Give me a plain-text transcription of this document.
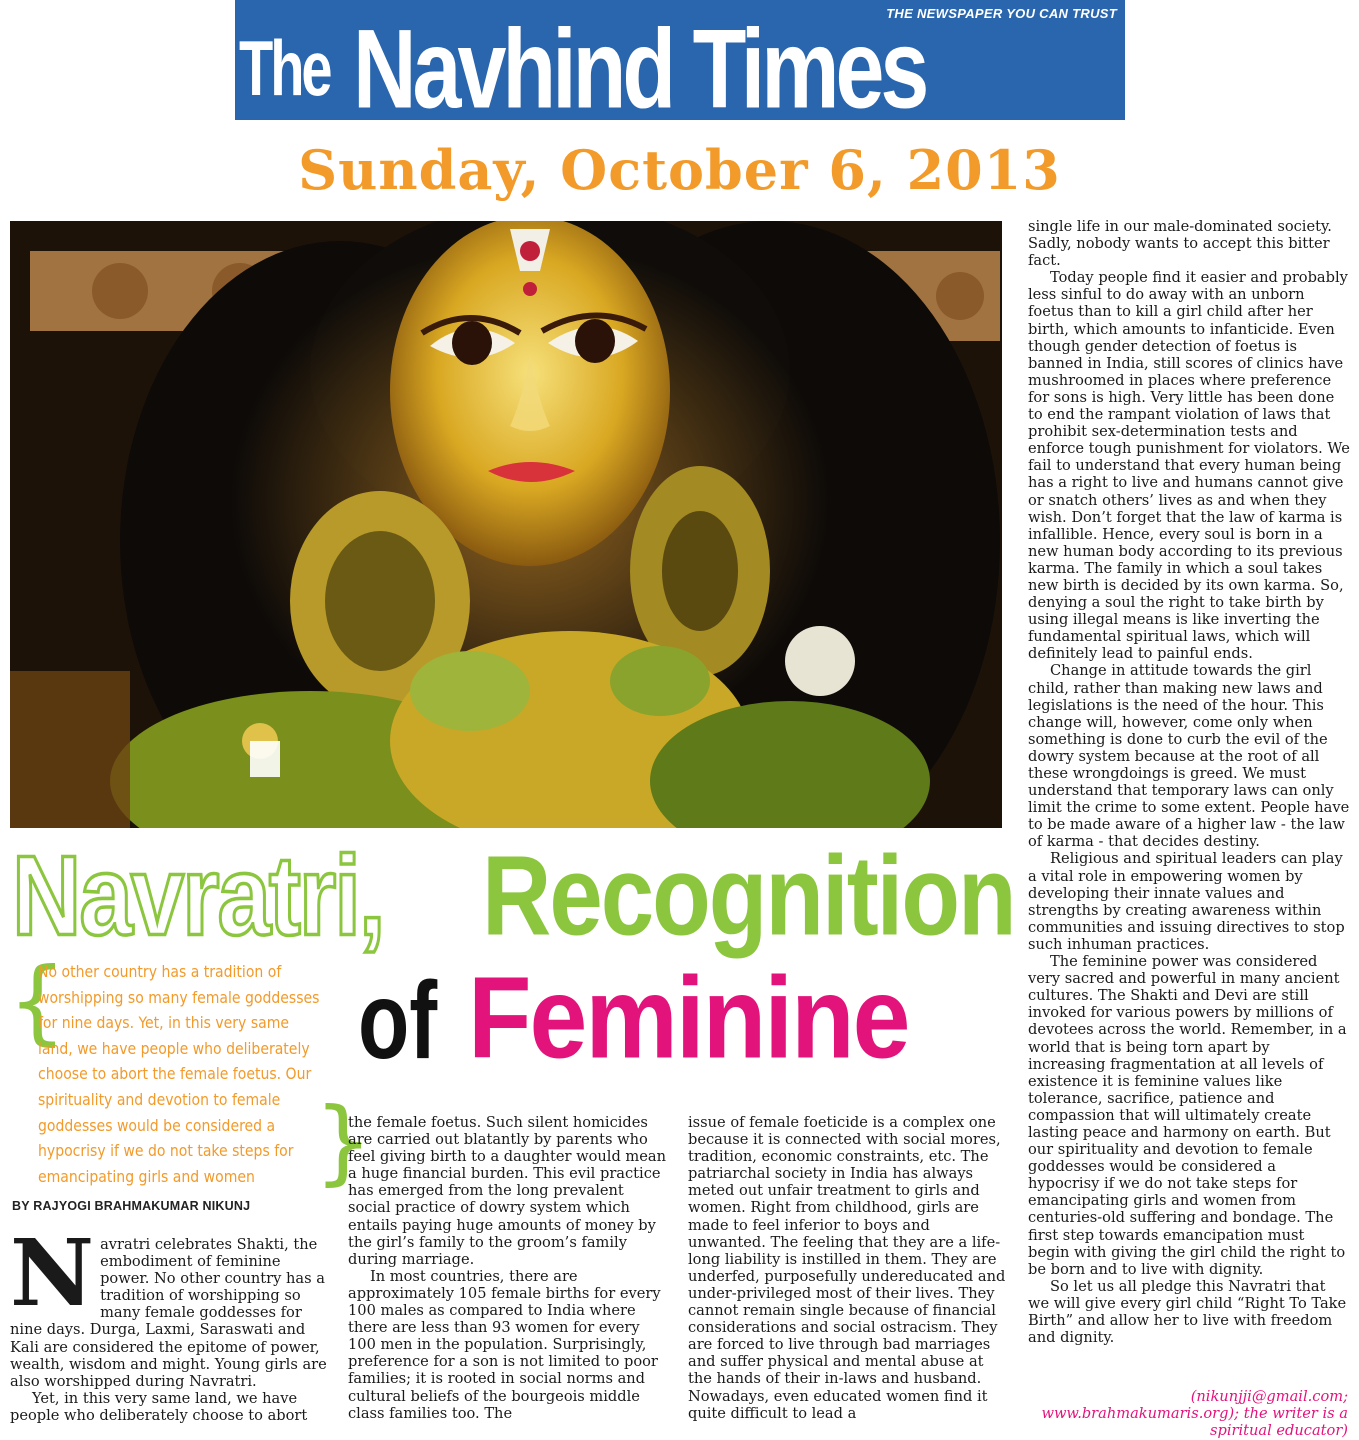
THE NEWSPAPER YOU CAN TRUST
The Navhind Times
Sunday, October 6, 2013
Navratri, Recognition
of Feminine
{
No other country has a tradition of worshipping so many female goddesses for nine days. Yet, in this very same land, we have people who deliberately choose to abort the female foetus. Our spirituality and devotion to female goddesses would be considered a hypocrisy if we do not take steps for emancipating girls and women }
BY RAJYOGI BRAHMAKUMAR NIKUNJ

Navratri celebrates Shakti, the embodiment of feminine power. No other country has a tradition of worshipping so many female goddesses for nine days. Durga, Laxmi, Saraswati and Kali are considered the epitome of power, wealth, wisdom and might. Young girls are also worshipped during Navratri.

Yet, in this very same land, we have people who deliberately choose to abort

the female foetus. Such silent homicides are carried out blatantly by parents who feel giving birth to a daughter would mean a huge financial burden. This evil practice has emerged from the long prevalent social practice of dowry system which entails paying huge amounts of money by the girl’s family to the groom’s family during marriage.

In most countries, there are approximately 105 female births for every 100 males as compared to India where there are less than 93 women for every 100 men in the population. Surprisingly, preference for a son is not limited to poor families; it is rooted in social norms and cultural beliefs of the bourgeois middle class families too. The

issue of female foeticide is a complex one because it is connected with social mores, tradition, economic constraints, etc. The patriarchal society in India has always meted out unfair treatment to girls and women. Right from childhood, girls are made to feel inferior to boys and unwanted. The feeling that they are a life-long liability is instilled in them. They are underfed, purposefully undereducated and under-privileged most of their lives. They cannot remain single because of financial considerations and social ostracism. They are forced to live through bad marriages and suffer physical and mental abuse at the hands of their in-laws and husband. Nowadays, even educated women find it quite difficult to lead a

single life in our male-dominated society. Sadly, nobody wants to accept this bitter fact.

Today people find it easier and probably less sinful to do away with an unborn foetus than to kill a girl child after her birth, which amounts to infanticide. Even though gender detection of foetus is banned in India, still scores of clinics have mushroomed in places where preference for sons is high. Very little has been done to end the rampant violation of laws that prohibit sex-determination tests and enforce tough punishment for violators. We fail to understand that every human being has a right to live and humans cannot give or snatch others’ lives as and when they wish. Don’t forget that the law of karma is infallible. Hence, every soul is born in a new human body according to its previous karma. The family in which a soul takes new birth is decided by its own karma. So, denying a soul the right to take birth by using illegal means is like inverting the fundamental spiritual laws, which will definitely lead to painful ends.

Change in attitude towards the girl child, rather than making new laws and legislations is the need of the hour. This change will, however, come only when something is done to curb the evil of the dowry system because at the root of all these wrongdoings is greed. We must understand that temporary laws can only limit the crime to some extent. People have to be made aware of a higher law - the law of karma - that decides destiny.

Religious and spiritual leaders can play a vital role in empowering women by developing their innate values and strengths by creating awareness within communities and issuing directives to stop such inhuman practices.

The feminine power was considered very sacred and powerful in many ancient cultures. The Shakti and Devi are still invoked for various powers by millions of devotees across the world. Remember, in a world that is being torn apart by increasing fragmentation at all levels of existence it is feminine values like tolerance, sacrifice, patience and compassion that will ultimately create lasting peace and harmony on earth. But our spirituality and devotion to female goddesses would be considered a hypocrisy if we do not take steps for emancipating girls and women from centuries-old suffering and bondage. The first step towards emancipation must begin with giving the girl child the right to be born and to live with dignity.

So let us all pledge this Navratri that we will give every girl child “Right To Take Birth” and allow her to live with freedom and dignity.

(nikunjji@gmail.com; www.brahmakumaris.org); the writer is a spiritual educator)
